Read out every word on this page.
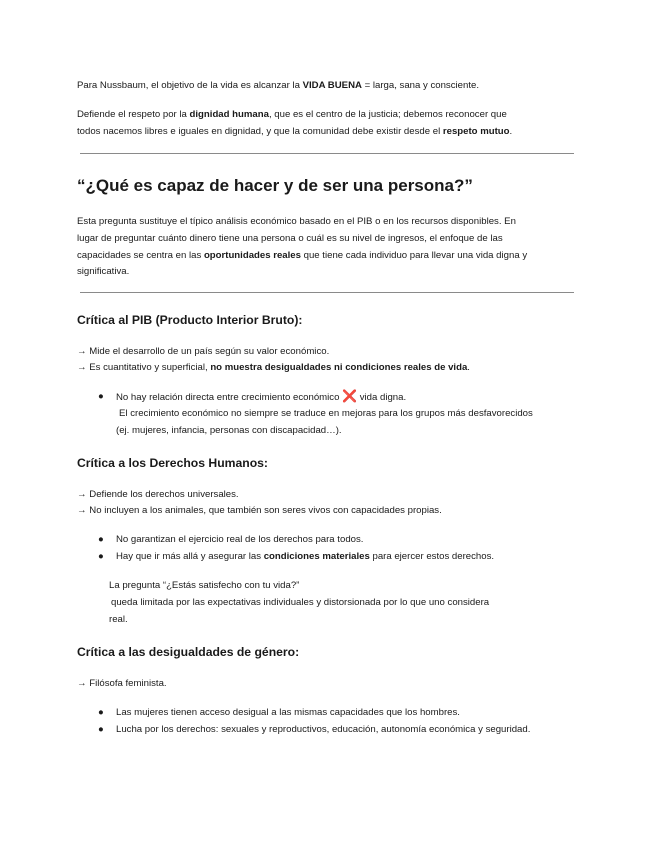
Para Nussbaum, el objetivo de la vida es alcanzar la VIDA BUENA = larga, sana y consciente.

Defiende el respeto por la dignidad humana, que es el centro de la justicia; debemos reconocer que

todos nacemos libres e iguales en dignidad, y que la comunidad debe existir desde el respeto mutuo.

“¿Qué es capaz de hacer y de ser una persona?”

Esta pregunta sustituye el típico análisis económico basado en el PIB o en los recursos disponibles. En

lugar de preguntar cuánto dinero tiene una persona o cuál es su nivel de ingresos, el enfoque de las

capacidades se centra en las oportunidades reales que tiene cada individuo para llevar una vida digna y

significativa.

Crítica al PIB (Producto Interior Bruto):

→ Mide el desarrollo de un país según su valor económico.

→ Es cuantitativo y superficial, no muestra desigualdades ni condiciones reales de vida.

● No hay relación directa entre crecimiento económico ❌ vida digna.

El crecimiento económico no siempre se traduce en mejoras para los grupos más desfavorecidos

(ej. mujeres, infancia, personas con discapacidad…).

Crítica a los Derechos Humanos:

→ Defiende los derechos universales.

→ No incluyen a los animales, que también son seres vivos con capacidades propias.

● No garantizan el ejercicio real de los derechos para todos.

● Hay que ir más allá y asegurar las condiciones materiales para ejercer estos derechos.

La pregunta “¿Estás satisfecho con tu vida?”

queda limitada por las expectativas individuales y distorsionada por lo que uno considera

real.

Crítica a las desigualdades de género:

→ Filósofa feminista.

● Las mujeres tienen acceso desigual a las mismas capacidades que los hombres.

● Lucha por los derechos: sexuales y reproductivos, educación, autonomía económica y seguridad.
